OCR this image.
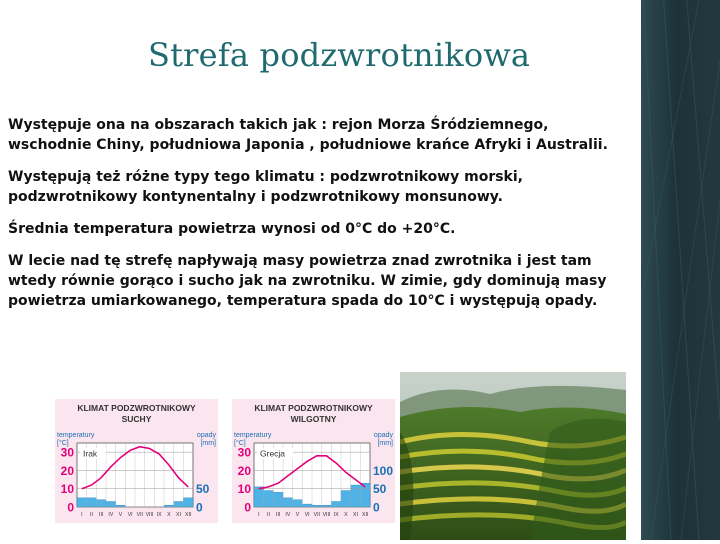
Strefa podzwrotnikowa

Występuje ona na obszarach takich jak : rejon Morza Śródziemnego, wschodnie Chiny, południowa Japonia , południowe krańce Afryki i Australii.

Występują też różne typy tego klimatu : podzwrotnikowy morski, podzwrotnikowy kontynentalny i podzwrotnikowy monsunowy.

Średnia temperatura powietrza wynosi od 0°C do +20°C.

W lecie nad tę strefę napływają masy powietrza znad zwrotnika i jest tam wtedy równie gorąco i sucho jak na zwrotniku. W zimie, gdy dominują masy powietrza umiarkowanego, temperatura spada do 10°C i występują opady.

KLIMAT PODZWROTNIKOWY
SUCHY
temperatury
[°C]
opady
[mm]
30
20
10
0
50
0
Irak
I II III IV V VI VII VIII IX X XI XII
KLIMAT PODZWROTNIKOWY
WILGOTNY
temperatury
[°C]
opady
[mm]
30
20
10
0
100
50
0
Grecja
I II III IV V VI VII VIII IX X XI XII
